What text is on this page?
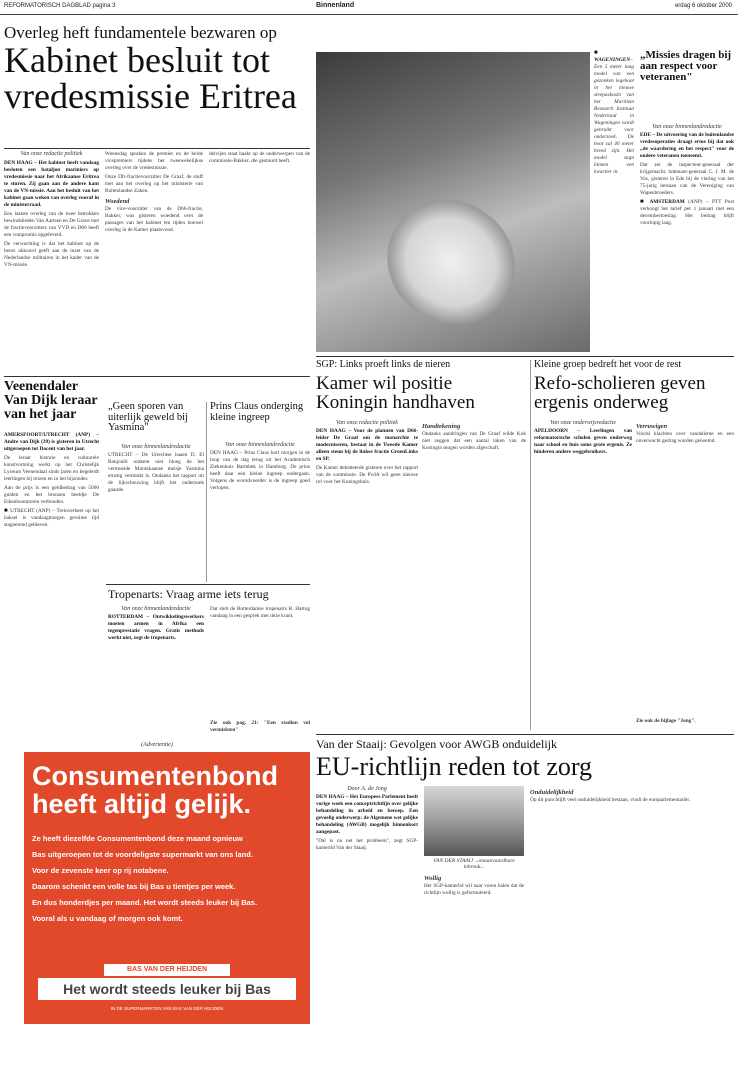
REFORMATORISCH DAGBLAD pagina 3	Binnenland	erdag 6 oktober 2000
Overleg heft fundamentele bezwaren op
Kabinet besluit tot
vredesmissie Eritrea
Van onze redactie politiek

DEN HAAG – Het kabinet heeft vandaag besloten een bataljon mariniers op vredesmissie naar het Afrikaanse Eritrea te sturen. Zij gaan aan de andere kant van de VN-missie. Aan het besluit van het kabinet gaan weken van overleg vooraf in de ministerraad.

Een laatste overleg van de twee betrokken bewindslieden Van Aartsen en De Grave met de fractievoorzitters van VVD en D66 heeft een compromis opgeleverd.

De verwachting is dat het kabinet op de beurs akkoord geeft aan de inzet van de Nederlandse militairen in het kader van de VN-missie.

Woensdag spraken de premier en de beide vicepremiers tijdens het tweewekelijkse overleg over de vredesmissie.

Onze Dfr-fractievoorzitter De Graaf, de stuff met aan het overleg op het ministerie van Buitenlandse Zaken.

Woedend

De vice-voorzitter van de D66-fractie, Bakker, was gisteren woedend over de passages van het kabinet ten tijden hoewel overleg in de Kamer plaatsvond.

delvijen staat haakt op de onderwerpen van de commissie-Bakker, die gestuurd heeft.

■ WAGENINGEN– Een 5 meter lang model van een gezonken legeboot in het nieuwe sleepasbasin van het Maritiem Research Instituut Nederland in Wageningen wordt gebruikt voor onderzoek. De boot zal 40 meter breed zijn. Het model stapt binnen een kwartier in.

„Missies dragen bij aan respect voor veteranen"
Van onze binnenlandredactie

EDE – De uitvoering van de buitenlandse vredesoperaties draagt ertoe bij dat ook „de waardering en het respect" voor de oudere veteranen toeneemt.

Dat zei de inspecteur-generaal der krijgsmacht, luitenant-generaal C. J. M. de Vos, gisteren in Ede bij de viering van het 75-jarig bestaan van de Vereniging van Wapenbroeders.

■ AMSTERDAM (ANP) – PTT Post verhoogt het tarief per 1 januari met een decembertoeslag. Het bedrag blijft voorlopig laag.

Veenendaler Van Dijk leraar van het jaar

AMERSFOORT/UTRECHT (ANP) – Andre van Dijk (39) is gisteren in Utrecht uitgeroepen tot Docent van het jaar.

De leraar historie en cultuurele kunstvorming werkt op het Christelijk Lyceum Veenendaal sinds jaren en begeleidt leerlingen bij reizen en in het bijzonder.

Aan de prijs is een geldbedrag van 5000 gulden en het bronzen beeldje De Eikenboomtoren verbonden.

■ UTRECHT (ANP) – Treinverkeer op het baksel is vandaagmorgen geruime tijd stagnerend gebleven.

„Geen sporen van uiterlijk geweld bij Yasmina"
Van onze binnenlandredactie
UTRECHT – De Utrechtse haaen D. El Banjoulli ontkent niet bloeg de het vermoeide Marokkaanse meisje Yasmina ernstig verminkt is. Ondanks het rapport uit de lijkschouwing blijft het onderzoek gaande.
Prins Claus onderging kleine ingreep
Van onze binnenlandredactie
DEN HAAG – Prins Claus kort morgen in de loop van de dag terug uit het Academisch Ziekenhuis Barmbek in Hamburg. De prins heeft daar een kleine ingreep ondergaan. Volgens de woordvoerder is de ingreep goed verlopen.
Tropenarts: Vraag arme iets terug
Van onze binnenlandredactie

ROTTERDAM – Ontwikkelingswerkers moeten armen in Afrika een tegenprestatie vragen. Gratis methods werkt niet, zegt de tropenarts.

Dat stelt de Rotterdamse tropenarts R. Hartog vandaag in een gesprek met deze krant.

Zie ook pag. 21: "Een stadion vol vermiskten"
SGP: Links proeft links de nieren
Kamer wil positie Koningin handhaven
Van onze redactie politiek

DEN HAAG – Voor de plannen van D66-leider De Graaf om de monarchie te moderniseren, bestaat in de Tweede Kamer alleen steun bij de linkse fractie GroenLinks en SP.

De Kamer debatteerde gisteren over het rapport van de commissie. De PvdA wil geen nieuwe rol voor het Koningshuis.

Handtekening

Ondanks aandringen van De Graaf wilde Kok niet zeggen dat een aantal taken van de Koningin mogen worden afgeschaft.

Kleine groep bedreft het voor de rest
Refo-scholieren geven ergenis onderweg
Van onze onderwijsredactie

APELDOORN – Leerlingen van reformatorische scholen geven onderweg naar school en huis soms grote ergenis. Ze hinderen andere weggebruikers.

Verruwigen

Vooral klachten over vandalisme en een onverwacht gedrag worden genoemd.

Zie ook de bijlage "Jong".
Van der Staaij: Gevolgen voor AWGB onduidelijk
EU-richtlijn reden tot zorg
Door A. de Jong

DEN HAAG – Het Europees Parlement heeft vorige week een conceptrichtlijn over gelijke behandeling in arbeid en beroep. Een gevoelig onderwerp: de Algemene wet gelijke behandeling (AWGB) mogelijk binnenkort aangepast.

"Dat is nu net het probleem", zegt SGP-kamerlid Van der Staaij.

VAN DER STAAIJ ...onaanvaardbare inbreuk...
Wollig

Het SGP-kamerlid wil naar voren halen dat de richtlijn wollig is geformuleerd.

Onduidelijkheid

Op dit punt blijft veel onduidelijkheid bestaan, vindt de europarlementariër.

(Advertentie)
Consumentenbond
heeft altijd gelijk.
Ze heeft diezelfde Consumentenbond deze maand opnieuw
Bas uitgeroepen tot de voordeligste supermarkt van ons land.
Voor de zevenste keer op rij notabene.
Daarom schenkt een volle tas bij Bas u tientjes per week.
En dus honderdjes per maand. Het wordt steeds leuker bij Bas.
Vooral als u vandaag of morgen ook komt.
BAS VAN DER HEIJDEN
Het wordt steeds leuker bij Bas
IN DE SUPERMARKTEN VAN BAS VAN DER HEIJDEN
